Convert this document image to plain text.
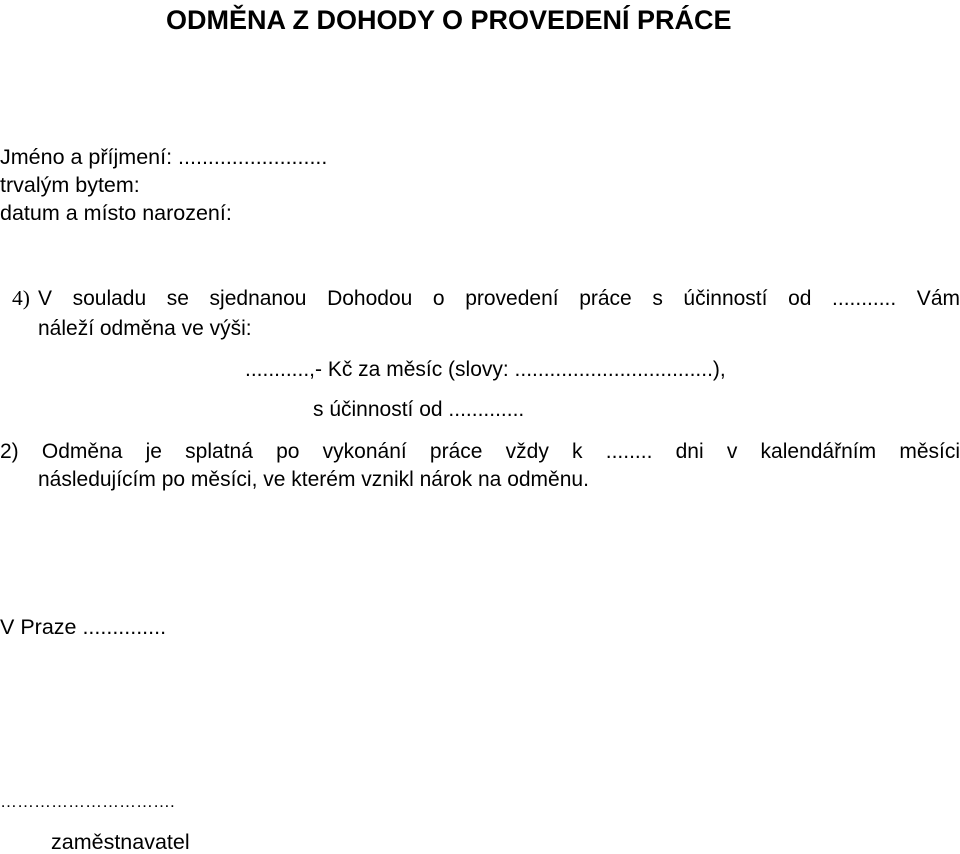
ODMĚNA Z DOHODY O PROVEDENÍ PRÁCE
Jméno a příjmení: .........................
trvalým bytem:
datum a místo narození:
4) V souladu se sjednanou Dohodou o provedení práce s účinností od ........... Vám
náleží odměna ve výši:
...........,- Kč za měsíc (slovy: ..................................),
s účinností od .............
2) Odměna je splatná po vykonání práce vždy k ........ dni v kalendářním měsíci
následujícím po měsíci, ve kterém vznikl nárok na odměnu.
V Praze ..............
………………………….
zaměstnavatel
